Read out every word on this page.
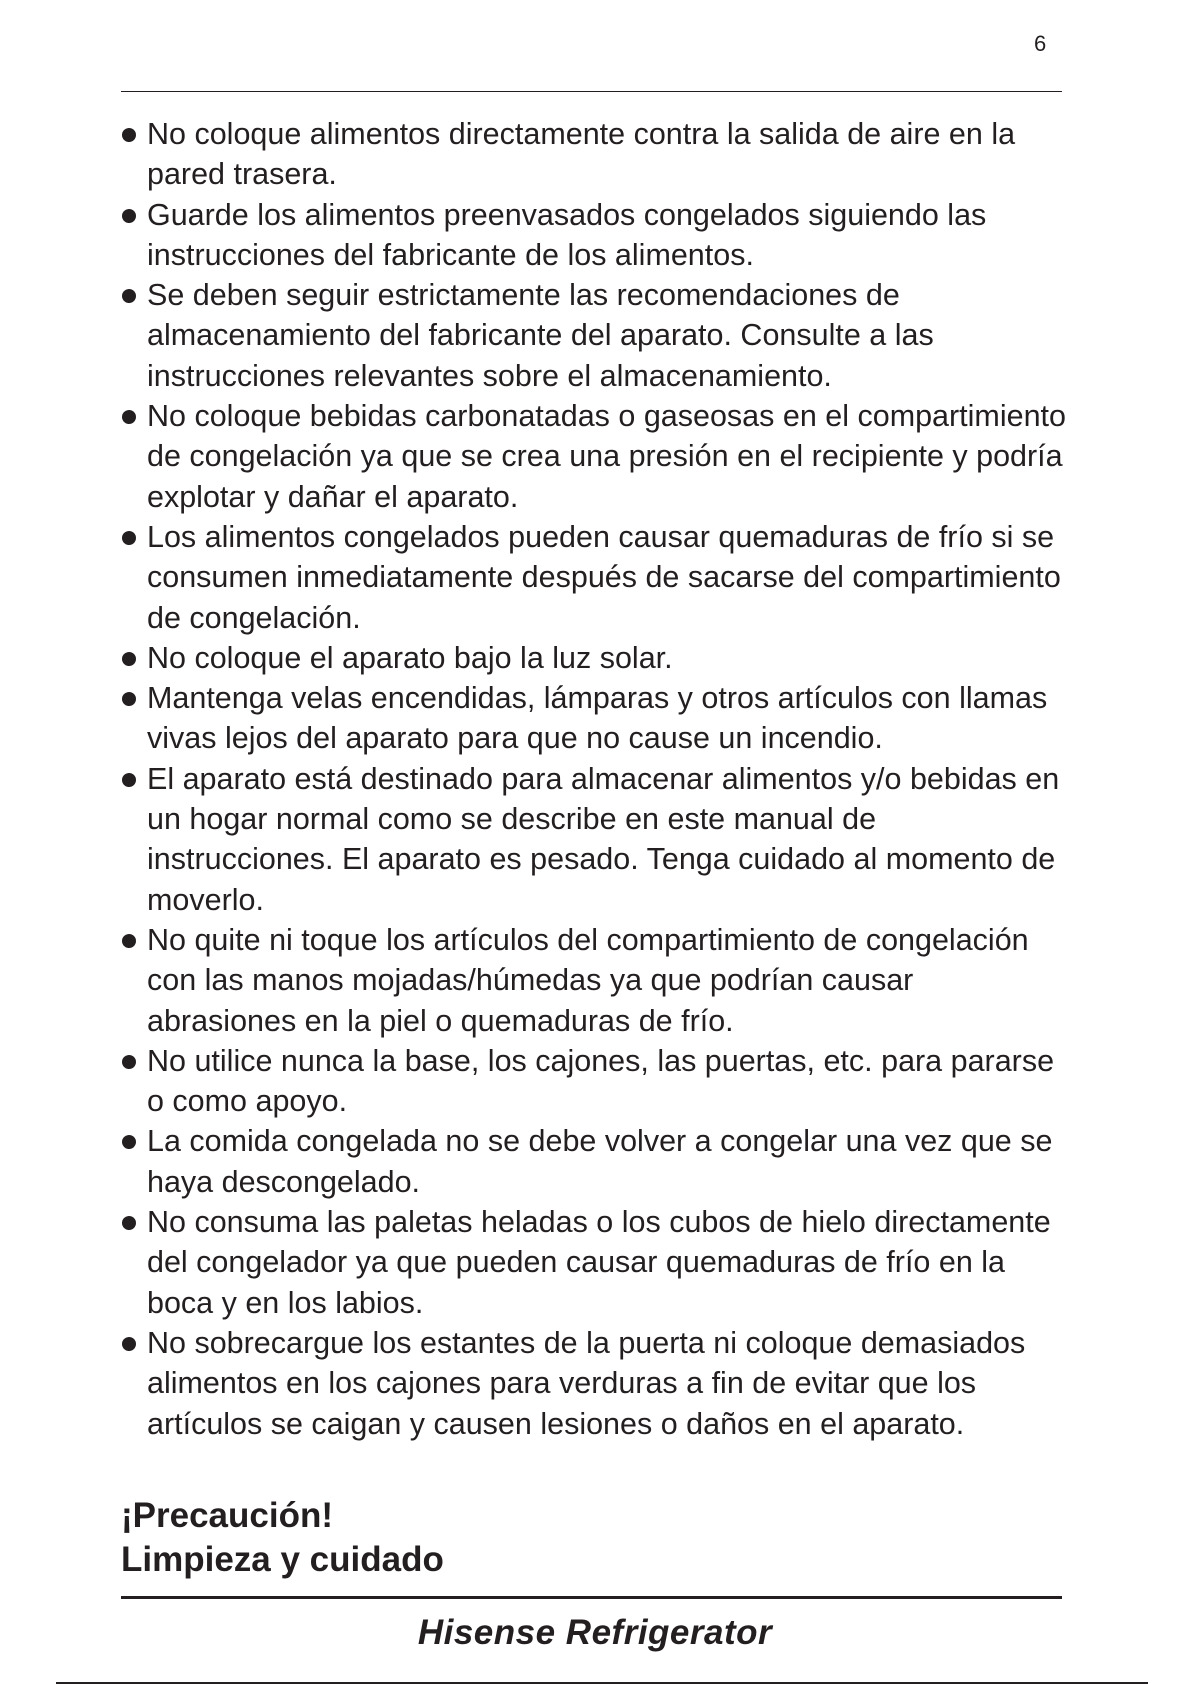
6
No coloque alimentos directamente contra la salida de aire en la pared trasera.
Guarde los alimentos preenvasados congelados siguiendo las instrucciones del fabricante de los alimentos.
Se deben seguir estrictamente las recomendaciones de almacenamiento del fabricante del aparato. Consulte a las instrucciones relevantes sobre el almacenamiento.
No coloque bebidas carbonatadas o gaseosas en el compartimiento de congelación ya que se crea una presión en el recipiente y podría explotar y dañar el aparato.
Los alimentos congelados pueden causar quemaduras de frío si se consumen inmediatamente después de sacarse del compartimiento de congelación.
No coloque el aparato bajo la luz solar.
Mantenga velas encendidas, lámparas y otros artículos con llamas vivas lejos del aparato para que no cause un incendio.
El aparato está destinado para almacenar alimentos y/o bebidas en un hogar normal como se describe en este manual de instrucciones. El aparato es pesado. Tenga cuidado al momento de moverlo.
No quite ni toque los artículos del compartimiento de congelación con las manos mojadas/húmedas ya que podrían causar abrasiones en la piel o quemaduras de frío.
No utilice nunca la base, los cajones, las puertas, etc. para pararse o como apoyo.
La comida congelada no se debe volver a congelar una vez que se haya descongelado.
No consuma las paletas heladas o los cubos de hielo directamente del congelador ya que pueden causar quemaduras de frío en la boca y en los labios.
No sobrecargue los estantes de la puerta ni coloque demasiados alimentos en los cajones para verduras a fin de evitar que los artículos se caigan y causen lesiones o daños en el aparato.
¡Precaución!
Limpieza y cuidado
Hisense Refrigerator
